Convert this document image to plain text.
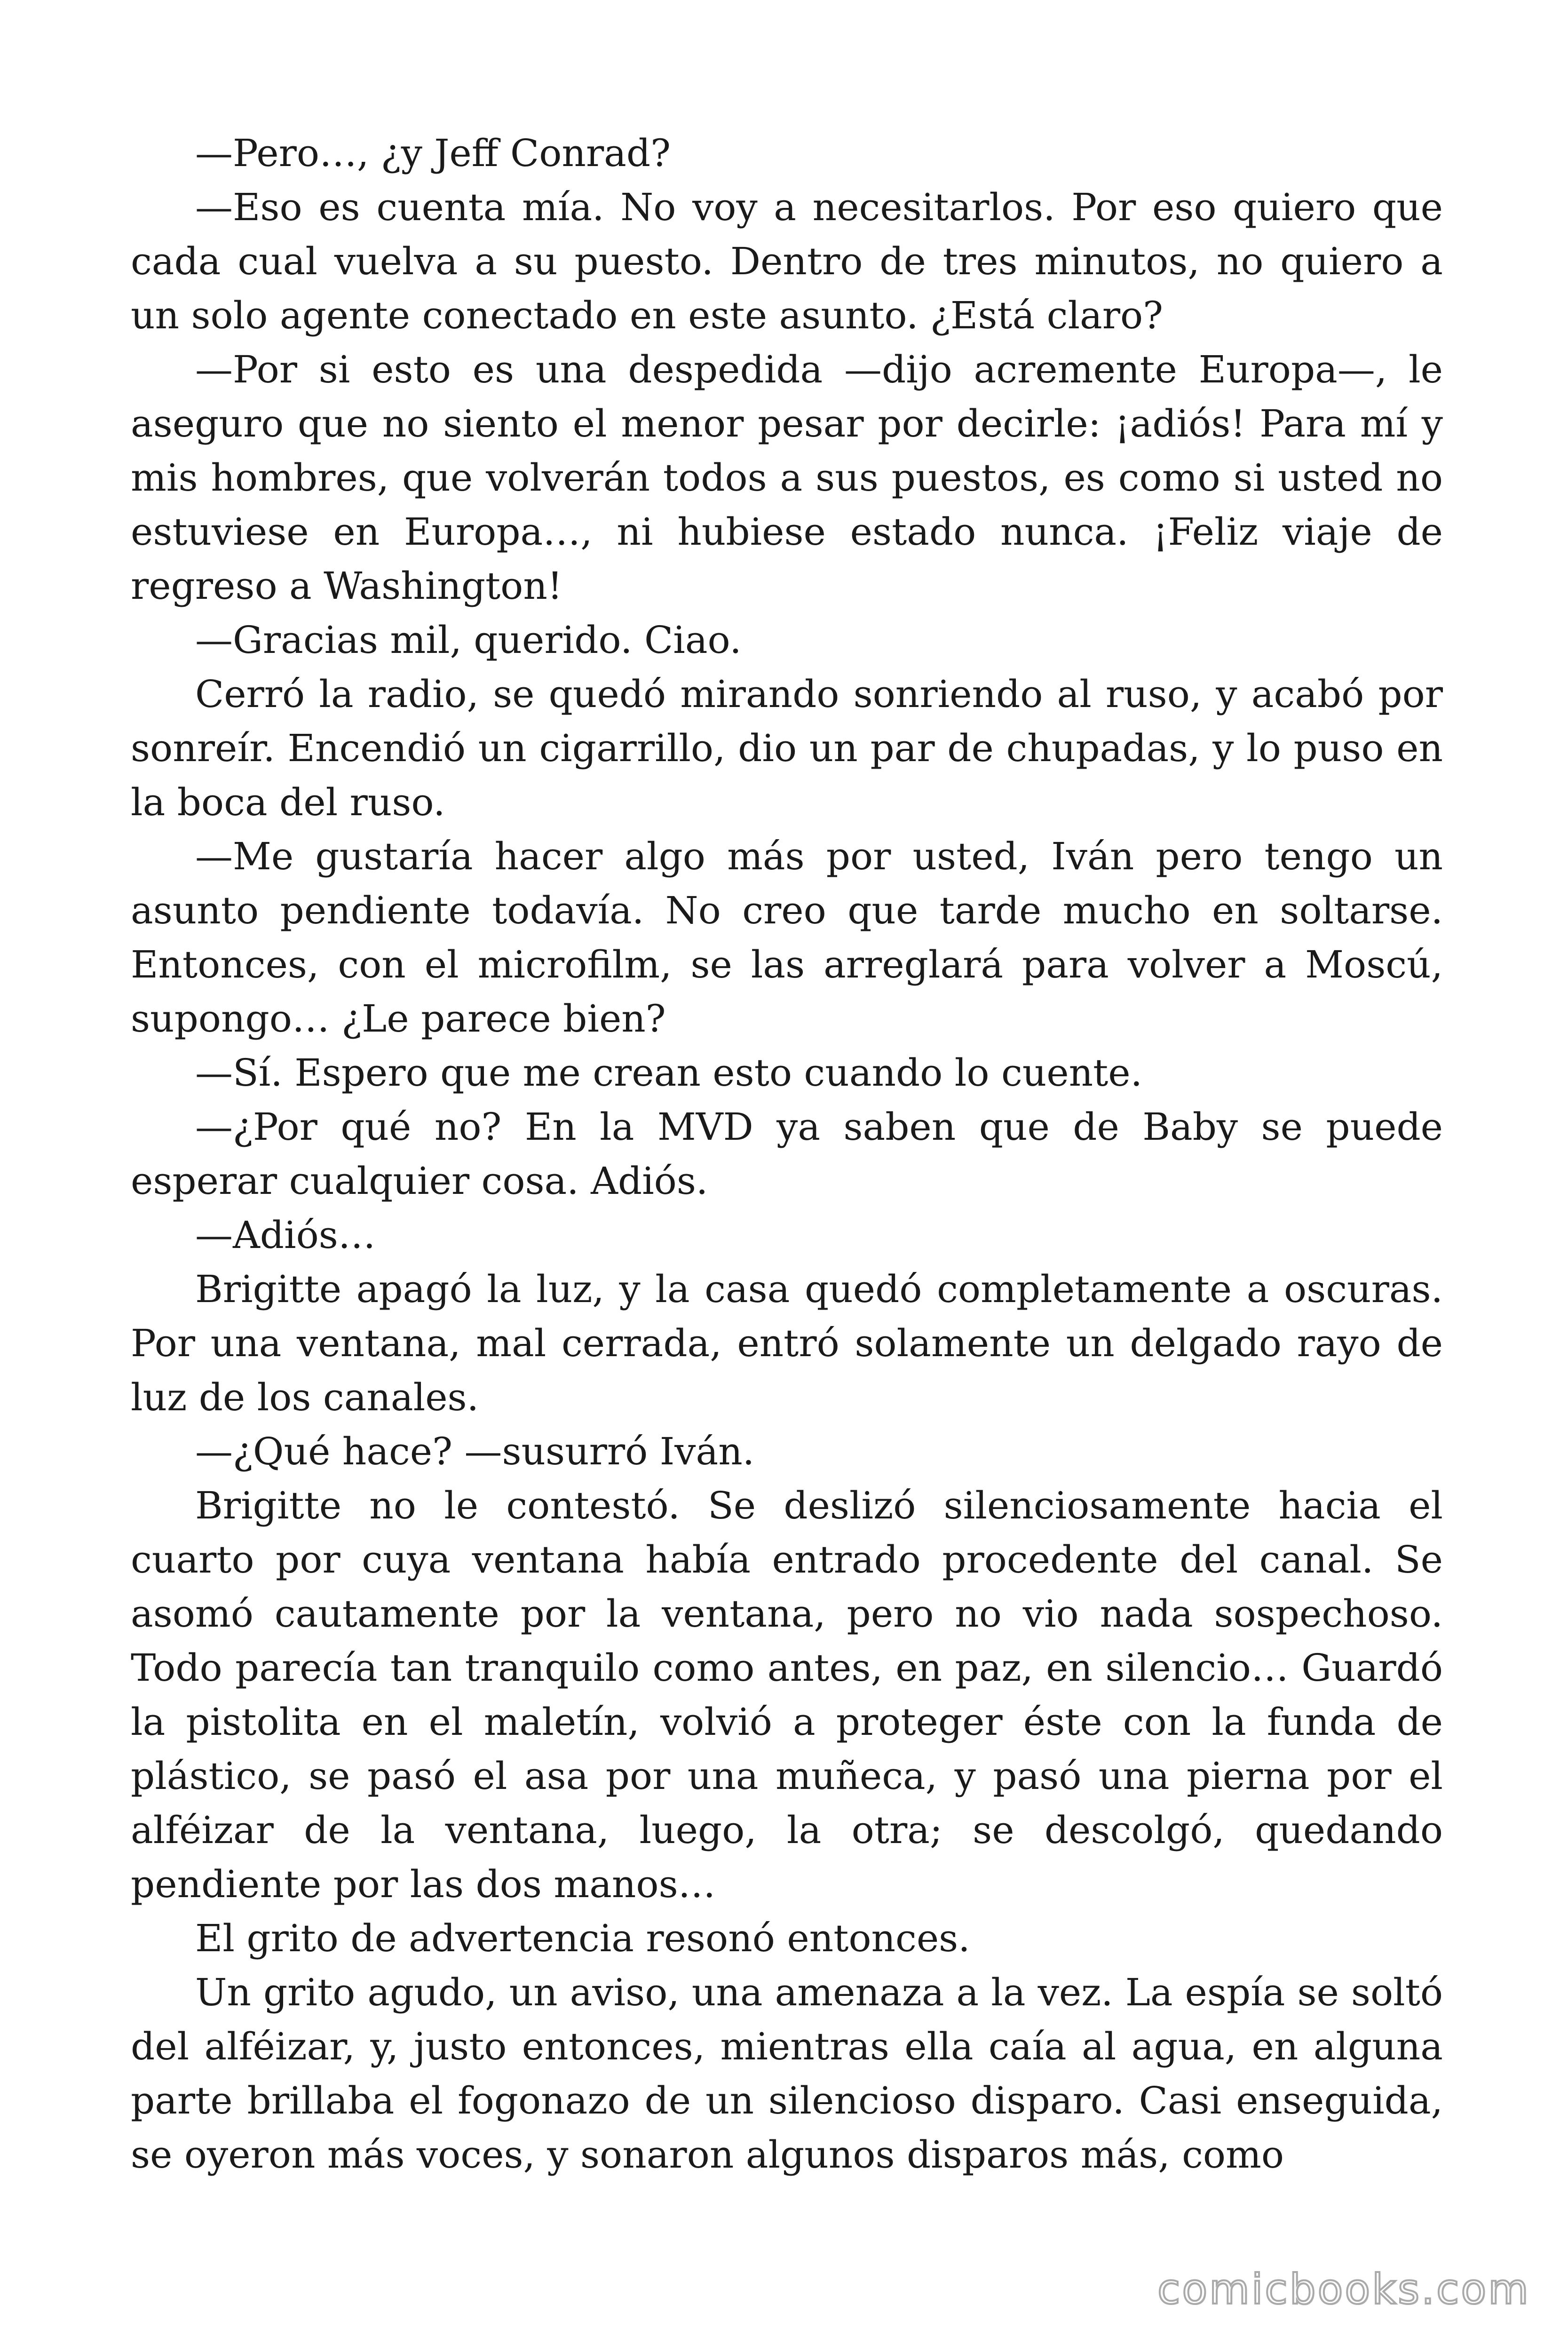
—Pero…, ¿y Jeff Conrad?

—Eso es cuenta mía. No voy a necesitarlos. Por eso quiero que cada cual vuelva a su puesto. Dentro de tres minutos, no quiero a un solo agente conectado en este asunto. ¿Está claro?

—Por si esto es una despedida —dijo acremente Europa—, le aseguro que no siento el menor pesar por decirle: ¡adiós! Para mí y mis hombres, que volverán todos a sus puestos, es como si usted no estuviese en Europa…, ni hubiese estado nunca. ¡Feliz viaje de regreso a Washington!

—Gracias mil, querido. Ciao.

Cerró la radio, se quedó mirando sonriendo al ruso, y acabó por sonreír. Encendió un cigarrillo, dio un par de chupadas, y lo puso en la boca del ruso.

—Me gustaría hacer algo más por usted, Iván pero tengo un asunto pendiente todavía. No creo que tarde mucho en soltarse. Entonces, con el microfilm, se las arreglará para volver a Moscú, supongo… ¿Le parece bien?

—Sí. Espero que me crean esto cuando lo cuente.

—¿Por qué no? En la MVD ya saben que de Baby se puede esperar cualquier cosa. Adiós.

—Adiós…

Brigitte apagó la luz, y la casa quedó completamente a oscuras. Por una ventana, mal cerrada, entró solamente un delgado rayo de luz de los canales.

—¿Qué hace? —susurró Iván.

Brigitte no le contestó. Se deslizó silenciosamente hacia el cuarto por cuya ventana había entrado procedente del canal. Se asomó cautamente por la ventana, pero no vio nada sospechoso. Todo parecía tan tranquilo como antes, en paz, en silencio… Guardó la pistolita en el maletín, volvió a proteger éste con la funda de plástico, se pasó el asa por una muñeca, y pasó una pierna por el alféizar de la ventana, luego, la otra; se descolgó, quedando pendiente por las dos manos…

El grito de advertencia resonó entonces.

Un grito agudo, un aviso, una amenaza a la vez. La espía se soltó del alféizar, y, justo entonces, mientras ella caía al agua, en alguna parte brillaba el fogonazo de un silencioso disparo. Casi enseguida, se oyeron más voces, y sonaron algunos disparos más, como

comicbooks.com
